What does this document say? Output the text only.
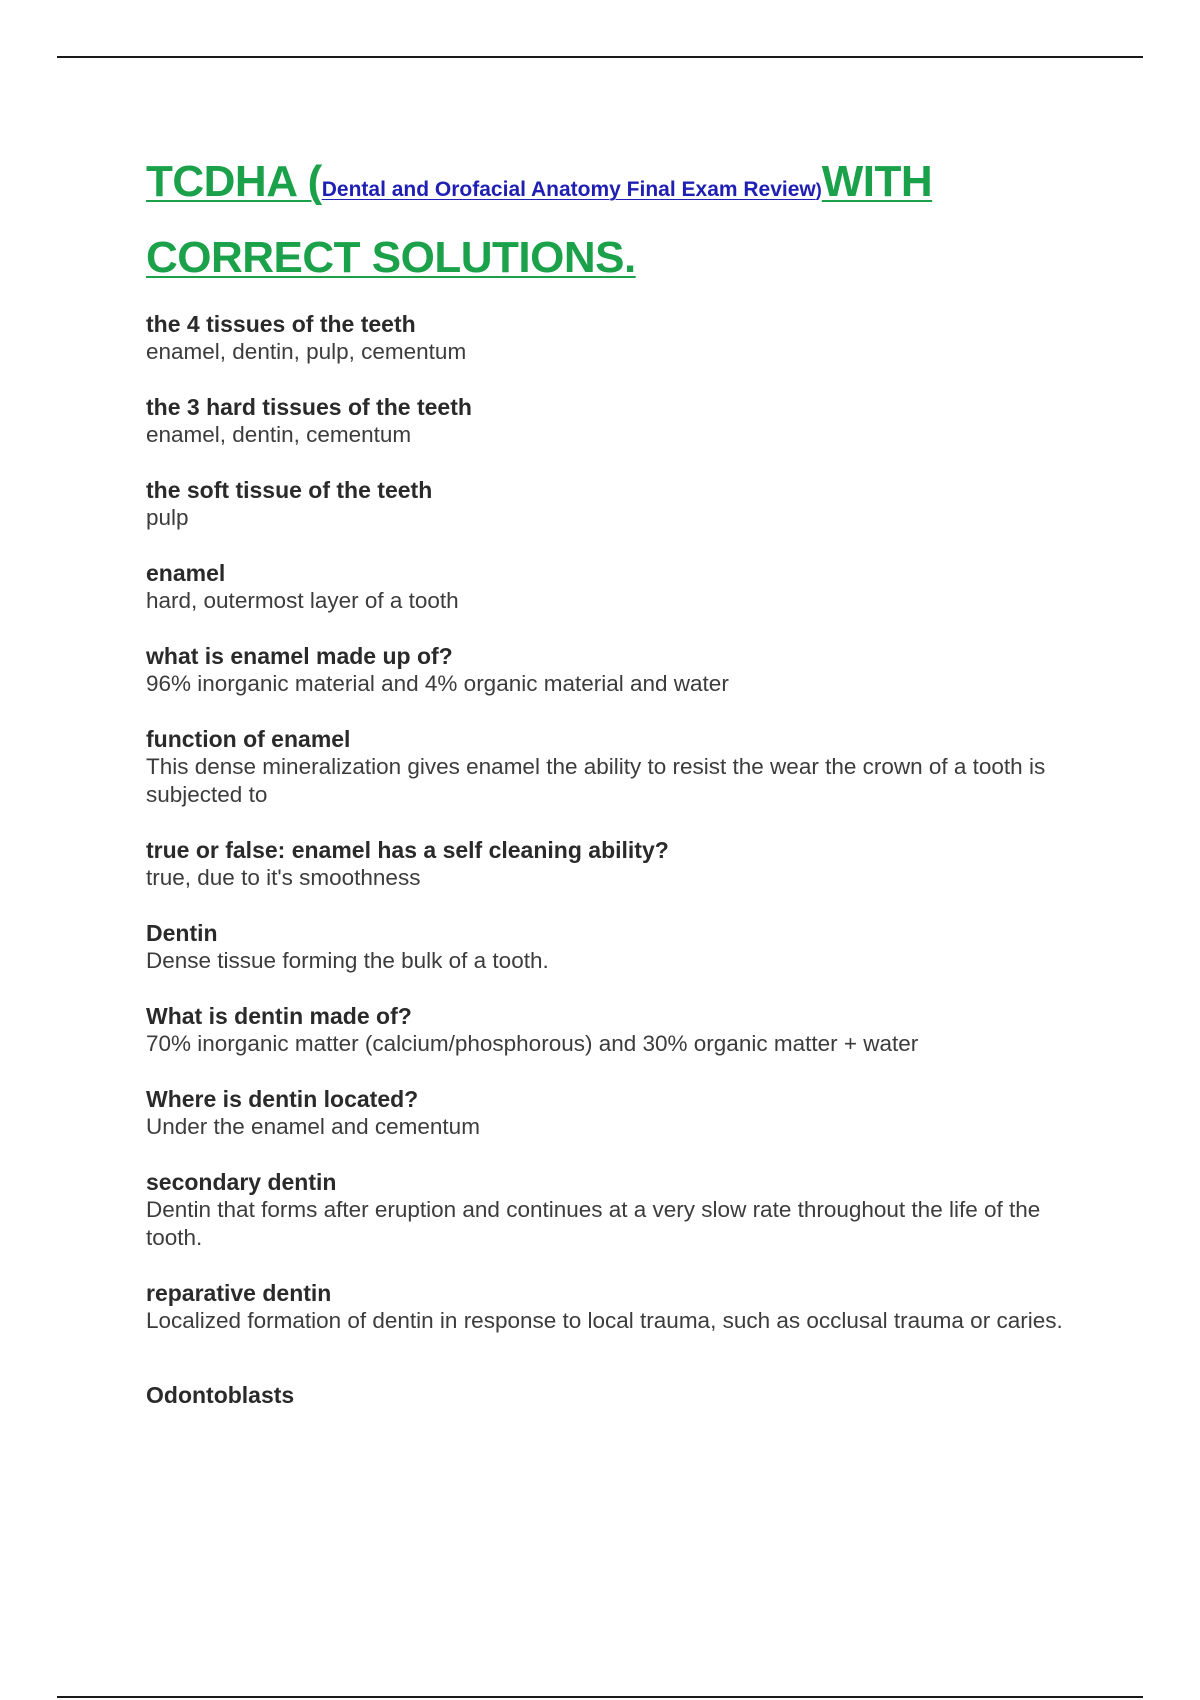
TCDHA (Dental and Orofacial Anatomy Final Exam Review)WITH
CORRECT SOLUTIONS.
the 4 tissues of the teeth
enamel, dentin, pulp, cementum
the 3 hard tissues of the teeth
enamel, dentin, cementum
the soft tissue of the teeth
pulp
enamel
hard, outermost layer of a tooth
what is enamel made up of?
96% inorganic material and 4% organic material and water
function of enamel
This dense mineralization gives enamel the ability to resist the wear the crown of a tooth is subjected to
true or false: enamel has a self cleaning ability?
true, due to it's smoothness
Dentin
Dense tissue forming the bulk of a tooth.
What is dentin made of?
70% inorganic matter (calcium/phosphorous) and 30% organic matter + water
Where is dentin located?
Under the enamel and cementum
secondary dentin
Dentin that forms after eruption and continues at a very slow rate throughout the life of the tooth.
reparative dentin
Localized formation of dentin in response to local trauma, such as occlusal trauma or caries.
Odontoblasts
